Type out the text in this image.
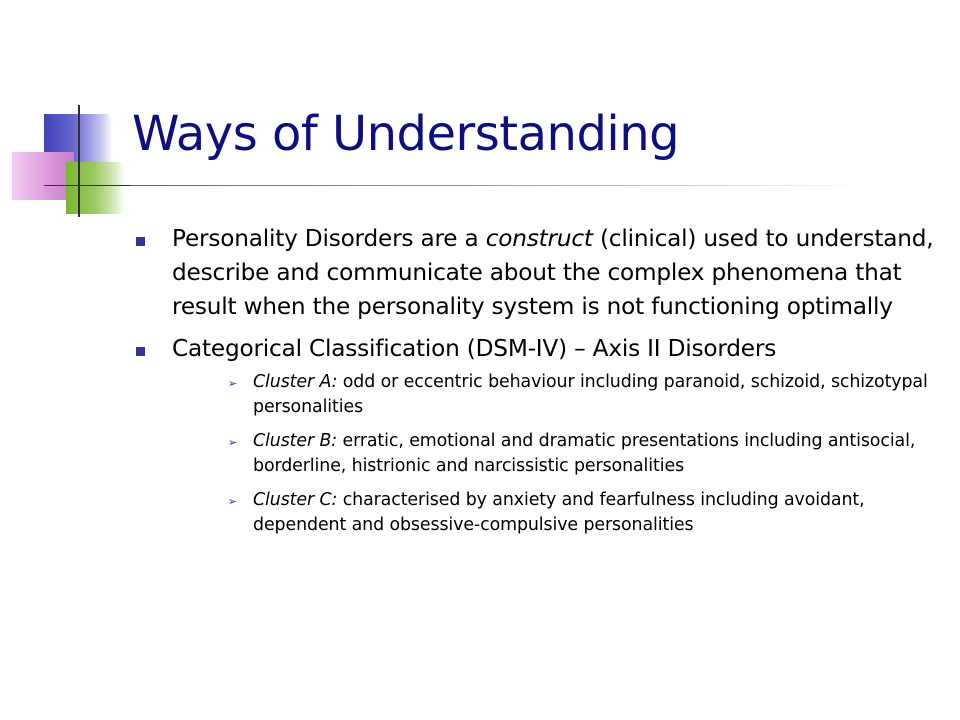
Ways of Understanding
Personality Disorders are a construct (clinical) used to understand, describe and communicate about the complex phenomena that result when the personality system is not functioning optimally
Categorical Classification (DSM-IV) – Axis II Disorders
➢ Cluster A: odd or eccentric behaviour including paranoid, schizoid, schizotypal personalities
➢ Cluster B: erratic, emotional and dramatic presentations including antisocial, borderline, histrionic and narcissistic personalities
➢ Cluster C: characterised by anxiety and fearfulness including avoidant, dependent and obsessive-compulsive personalities
